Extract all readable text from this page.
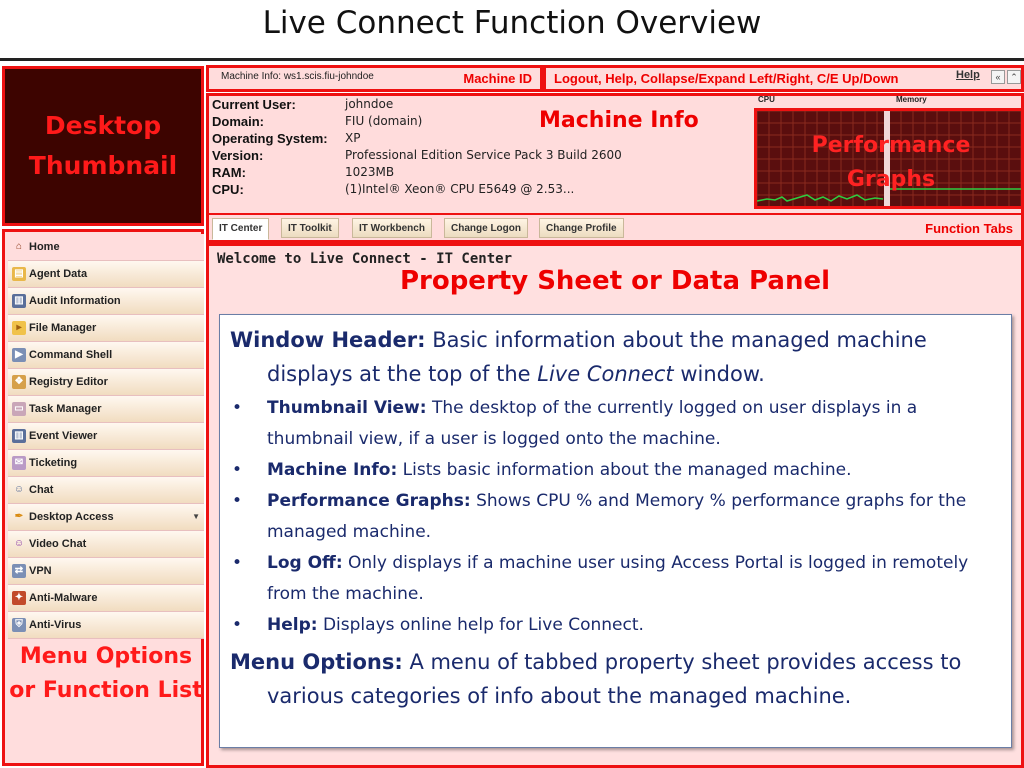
Live Connect Function Overview
Desktop Thumbnail
⌂ Home
▤ Agent Data
▥ Audit Information
▸ File Manager
▶ Command Shell
❖ Registry Editor
▭ Task Manager
▥ Event Viewer
✉ Ticketing
☺ Chat
✒ Desktop Access	▼
☺ Video Chat
⇄ VPN
✦ Anti-Malware
⛨ Anti-Virus
Menu Options or Function List
Machine Info: ws1.scis.fiu-johndoe	Machine ID Logout, Help, Collapse/Expand Left/Right, C/E Up/Down	Help	«	⌃
Current User:	johndoe
Domain:	FIU (domain)
Operating System:	XP
Version:	Professional Edition Service Pack 3 Build 2600
RAM:	1023MB
CPU:	(1)Intel® Xeon® CPU E5649 @ 2.53...
Machine Info
CPU	Memory
Performance Graphs
IT Center	IT Toolkit	IT Workbench	Change Logon	Change Profile	Function Tabs
Welcome to Live Connect - IT Center
Property Sheet or Data Panel

Window Header: Basic information about the managed machine displays at the top of the Live Connect window.

• Thumbnail View: The desktop of the currently logged on user displays in a thumbnail view, if a user is logged onto the machine.
• Machine Info: Lists basic information about the managed machine.
• Performance Graphs: Shows CPU % and Memory % performance graphs for the managed machine.
• Log Off: Only displays if a machine user using Access Portal is logged in remotely from the machine.
• Help: Displays online help for Live Connect.

Menu Options: A menu of tabbed property sheet provides access to various categories of info about the managed machine.
